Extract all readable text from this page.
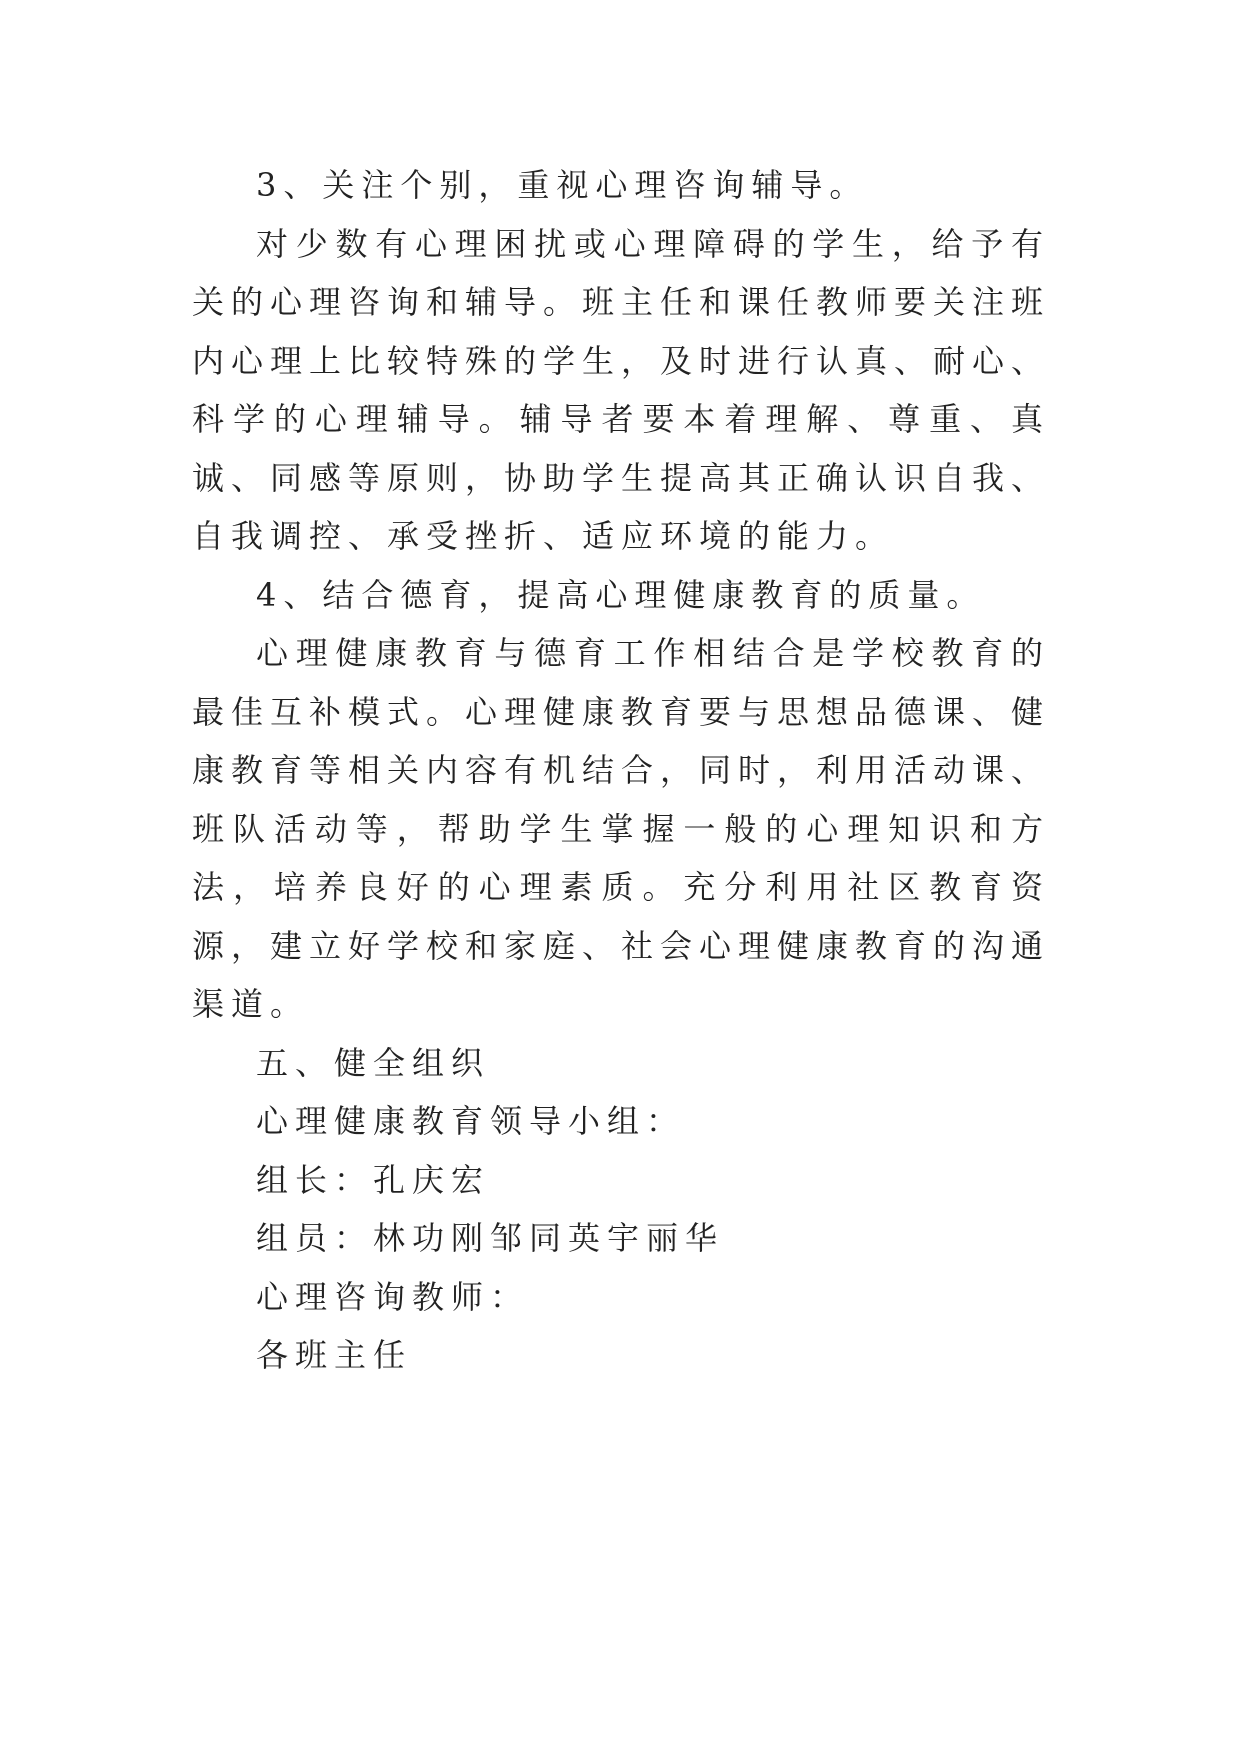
3、关注个别，重视心理咨询辅导。

对少数有心理困扰或心理障碍的学生，给予有关的心理咨询和辅导。班主任和课任教师要关注班内心理上比较特殊的学生，及时进行认真、耐心、科学的心理辅导。辅导者要本着理解、尊重、真诚、同感等原则，协助学生提高其正确认识自我、自我调控、承受挫折、适应环境的能力。

4、结合德育，提高心理健康教育的质量。

心理健康教育与德育工作相结合是学校教育的最佳互补模式。心理健康教育要与思想品德课、健康教育等相关内容有机结合，同时，利用活动课、班队活动等，帮助学生掌握一般的心理知识和方法，培养良好的心理素质。充分利用社区教育资源，建立好学校和家庭、社会心理健康教育的沟通渠道。

五、健全组织

心理健康教育领导小组：

组长：孔庆宏

组员：林功刚邹同英宇丽华

心理咨询教师：

各班主任
